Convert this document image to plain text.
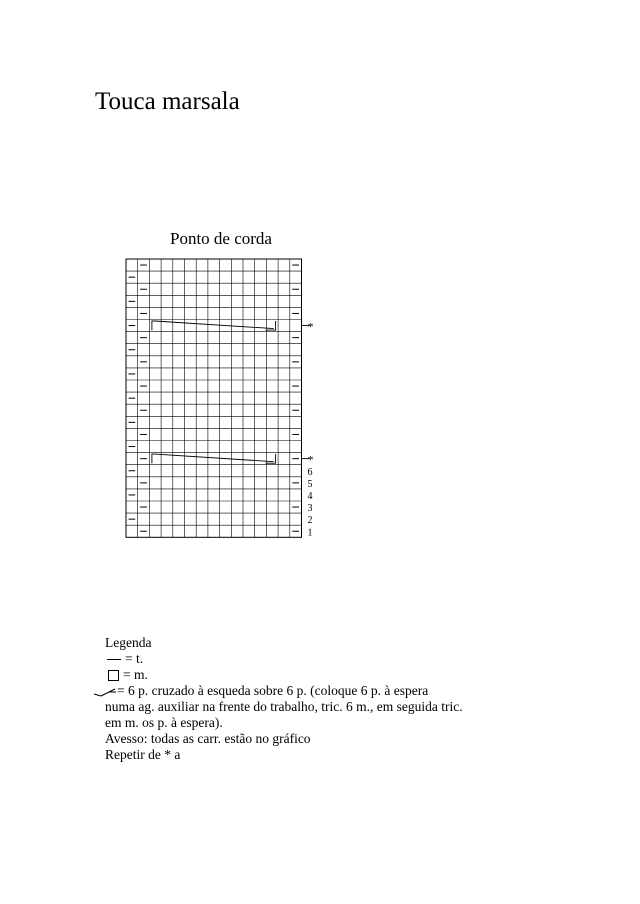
Touca marsala
Ponto de corda
*
*
1
2
3
4
5
6
Legenda
= t.
= m.
= 6 p. cruzado à esqueda sobre 6 p. (coloque 6 p. à espera
numa ag. auxiliar na frente do trabalho, tric. 6 m., em seguida tric.
em m. os p. à espera).
Avesso: todas as carr. estão no gráfico
Repetir de * a
